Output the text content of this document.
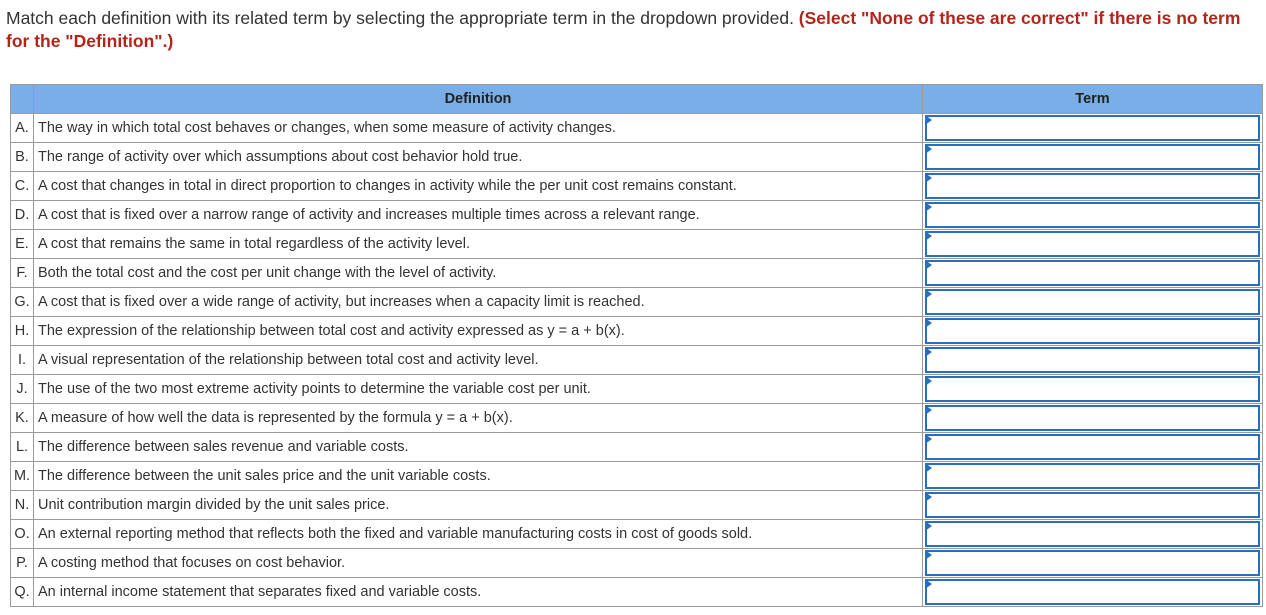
Match each definition with its related term by selecting the appropriate term in the dropdown provided. (Select "None of these are correct" if there is no term for the "Definition".)
	Definition	Term
A.	The way in which total cost behaves or changes, when some measure of activity changes.	

B.	The range of activity over which assumptions about cost behavior hold true.	

C.	A cost that changes in total in direct proportion to changes in activity while the per unit cost remains constant.	

D.	A cost that is fixed over a narrow range of activity and increases multiple times across a relevant range.	

E.	A cost that remains the same in total regardless of the activity level.	

F.	Both the total cost and the cost per unit change with the level of activity.	

G.	A cost that is fixed over a wide range of activity, but increases when a capacity limit is reached.	

H.	The expression of the relationship between total cost and activity expressed as y = a + b(x).	

I.	A visual representation of the relationship between total cost and activity level.	

J.	The use of the two most extreme activity points to determine the variable cost per unit.	

K.	A measure of how well the data is represented by the formula y = a + b(x).	

L.	The difference between sales revenue and variable costs.	

M.	The difference between the unit sales price and the unit variable costs.	

N.	Unit contribution margin divided by the unit sales price.	

O.	An external reporting method that reflects both the fixed and variable manufacturing costs in cost of goods sold.	

P.	A costing method that focuses on cost behavior.	

Q.	An internal income statement that separates fixed and variable costs.	
